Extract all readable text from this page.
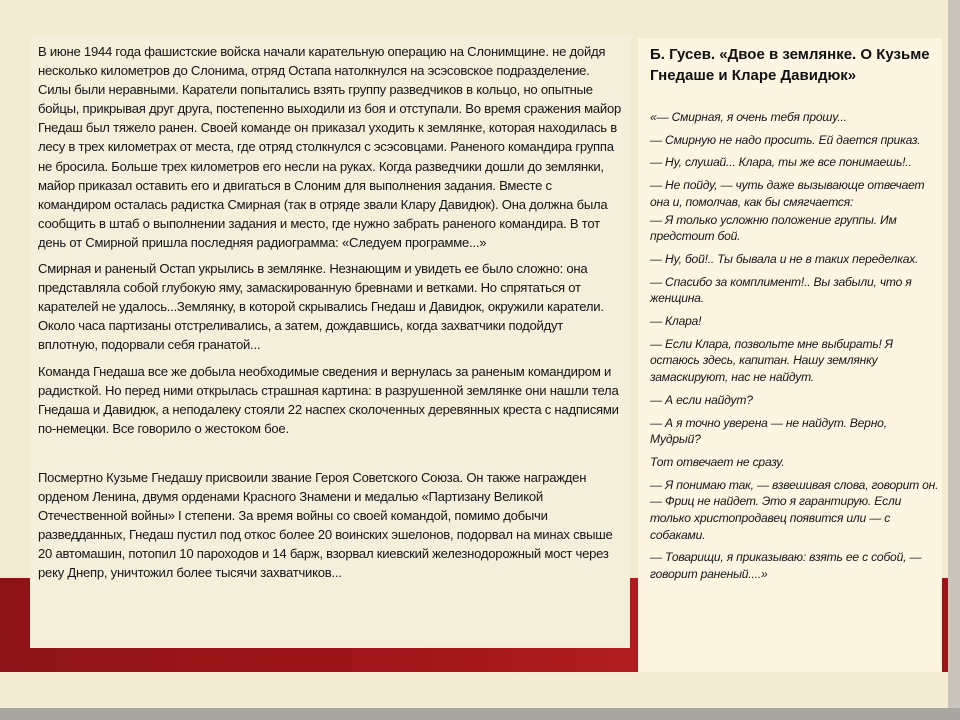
В июне 1944 года фашистские войска начали карательную операцию на Слонимщине. не дойдя несколько километров до Слонима, отряд Остапа натолкнулся на эсэсовское подразделение. Силы были неравными. Каратели попытались взять группу разведчиков в кольцо, но опытные бойцы, прикрывая друг друга, постепенно выходили из боя и отступали. Во время сражения майор Гнедаш был тяжело ранен. Своей команде он приказал уходить к землянке, которая находилась в лесу в трех километрах от места, где отряд столкнулся с эсэсовцами. Раненого командира группа не бросила. Больше трех километров его несли на руках. Когда разведчики дошли до землянки, майор приказал оставить его и двигаться в Слоним для выполнения задания. Вместе с командиром осталась радистка Смирная (так в отряде звали Клару Давидюк). Она должна была сообщить в штаб о выполнении задания и место, где нужно забрать раненого командира. В тот день от Смирной пришла последняя радиограмма: «Следуем программе...»

Смирная и раненый Остап укрылись в землянке. Незнающим и увидеть ее было сложно: она представляла собой глубокую яму, замаскированную бревнами и ветками. Но спрятаться от карателей не удалось...Землянку, в которой скрывались Гнедаш и Давидюк, окружили каратели. Около часа партизаны отстреливались, а затем, дождавшись, когда захватчики подойдут вплотную, подорвали себя гранатой...

Команда Гнедаша все же добыла необходимые сведения и вернулась за раненым командиром и радисткой. Но перед ними открылась страшная картина: в разрушенной землянке они нашли тела Гнедаша и Давидюк, а неподалеку стояли 22 наспех сколоченных деревянных креста с надписями по-немецки. Все говорило о жестоком бое.

Посмертно Кузьме Гнедашу присвоили звание Героя Советского Союза. Он также награжден орденом Ленина, двумя орденами Красного Знамени и медалью «Партизану Великой Отечественной войны» I степени. За время войны со своей командой, помимо добычи разведданных, Гнедаш пустил под откос более 20 воинских эшелонов, подорвал на минах свыше 20 автомашин, потопил 10 пароходов и 14 барж, взорвал киевский железнодорожный мост через реку Днепр, уничтожил более тысячи захватчиков...

Б. Гусев. «Двое в землянке. О Кузьме Гнедаше и Кларе Давидюк»

«— Смирная, я очень тебя прошу...

— Смирную не надо просить. Ей дается приказ.

— Ну, слушай... Клара, ты же все понимаешь!..

— Не пойду, — чуть даже вызывающе отвечает она и, помолчав, как бы смягчается:

— Я только усложню положение группы. Им предстоит бой.

— Ну, бой!.. Ты бывала и не в таких переделках.

— Спасибо за комплимент!.. Вы забыли, что я женщина.

— Клара!

— Если Клара, позвольте мне выбирать! Я остаюсь здесь, капитан. Нашу землянку замаскируют, нас не найдут.

— А если найдут?

— А я точно уверена — не найдут. Верно, Мудрый?

Тот отвечает не сразу.

— Я понимаю так, — взвешивая слова, говорит он. — Фриц не найдет. Это я гарантирую. Если только христопродавец появится или — с собаками.

— Товарищи, я приказываю: взять ее с собой, — говорит раненый....»
